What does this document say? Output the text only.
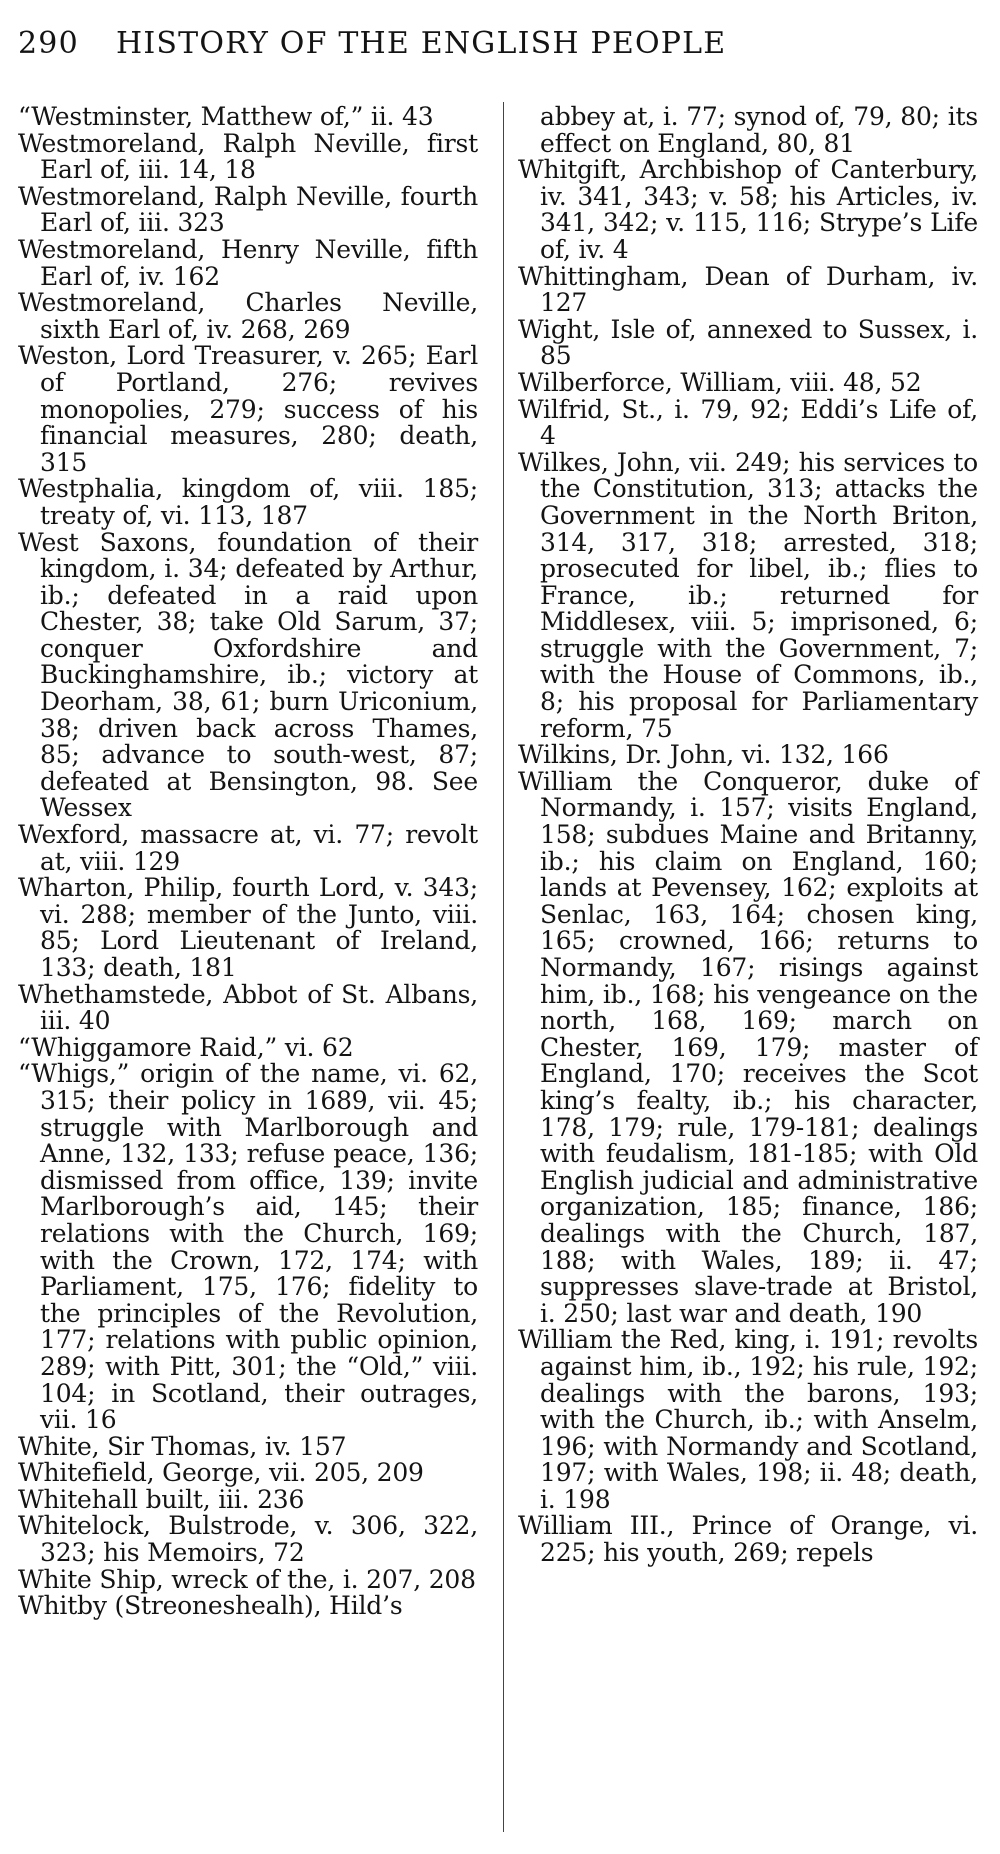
290 HISTORY OF THE ENGLISH PEOPLE

“Westminster, Matthew of,” ii. 43

Westmoreland, Ralph Neville, first Earl of, iii. 14, 18

Westmoreland, Ralph Neville, fourth Earl of, iii. 323

Westmoreland, Henry Neville, fifth Earl of, iv. 162

Westmoreland, Charles Neville, sixth Earl of, iv. 268, 269

Weston, Lord Treasurer, v. 265; Earl of Portland, 276; revives monopolies, 279; success of his financial measures, 280; death, 315

Westphalia, kingdom of, viii. 185; treaty of, vi. 113, 187

West Saxons, foundation of their kingdom, i. 34; defeated by Arthur, ib.; defeated in a raid upon Chester, 38; take Old Sarum, 37; conquer Oxfordshire and Buckinghamshire, ib.; victory at Deorham, 38, 61; burn Uriconium, 38; driven back across Thames, 85; advance to south-west, 87; defeated at Bensington, 98. See Wessex

Wexford, massacre at, vi. 77; revolt at, viii. 129

Wharton, Philip, fourth Lord, v. 343; vi. 288; member of the Junto, viii. 85; Lord Lieutenant of Ireland, 133; death, 181

Whethamstede, Abbot of St. Albans, iii. 40

“Whiggamore Raid,” vi. 62

“Whigs,” origin of the name, vi. 62, 315; their policy in 1689, vii. 45; struggle with Marlborough and Anne, 132, 133; refuse peace, 136; dismissed from office, 139; invite Marlborough’s aid, 145; their relations with the Church, 169; with the Crown, 172, 174; with Parliament, 175, 176; fidelity to the principles of the Revolution, 177; relations with public opinion, 289; with Pitt, 301; the “Old,” viii. 104; in Scotland, their outrages, vii. 16

White, Sir Thomas, iv. 157

Whitefield, George, vii. 205, 209

Whitehall built, iii. 236

Whitelock, Bulstrode, v. 306, 322, 323; his Memoirs, 72

White Ship, wreck of the, i. 207, 208

Whitby (Streoneshealh), Hild’s

abbey at, i. 77; synod of, 79, 80; its effect on England, 80, 81

Whitgift, Archbishop of Canterbury, iv. 341, 343; v. 58; his Articles, iv. 341, 342; v. 115, 116; Strype’s Life of, iv. 4

Whittingham, Dean of Durham, iv. 127

Wight, Isle of, annexed to Sussex, i. 85

Wilberforce, William, viii. 48, 52

Wilfrid, St., i. 79, 92; Eddi’s Life of, 4

Wilkes, John, vii. 249; his services to the Constitution, 313; attacks the Government in the North Briton, 314, 317, 318; arrested, 318; prosecuted for libel, ib.; flies to France, ib.; returned for Middlesex, viii. 5; imprisoned, 6; struggle with the Government, 7; with the House of Commons, ib., 8; his proposal for Parliamentary reform, 75

Wilkins, Dr. John, vi. 132, 166

William the Conqueror, duke of Normandy, i. 157; visits England, 158; subdues Maine and Britanny, ib.; his claim on England, 160; lands at Pevensey, 162; exploits at Senlac, 163, 164; chosen king, 165; crowned, 166; returns to Normandy, 167; risings against him, ib., 168; his vengeance on the north, 168, 169; march on Chester, 169, 179; master of England, 170; receives the Scot king’s fealty, ib.; his character, 178, 179; rule, 179-181; dealings with feudalism, 181-185; with Old English judicial and administrative organization, 185; finance, 186; dealings with the Church, 187, 188; with Wales, 189; ii. 47; suppresses slave-trade at Bristol, i. 250; last war and death, 190

William the Red, king, i. 191; revolts against him, ib., 192; his rule, 192; dealings with the barons, 193; with the Church, ib.; with Anselm, 196; with Normandy and Scotland, 197; with Wales, 198; ii. 48; death, i. 198

William III., Prince of Orange, vi. 225; his youth, 269; repels
